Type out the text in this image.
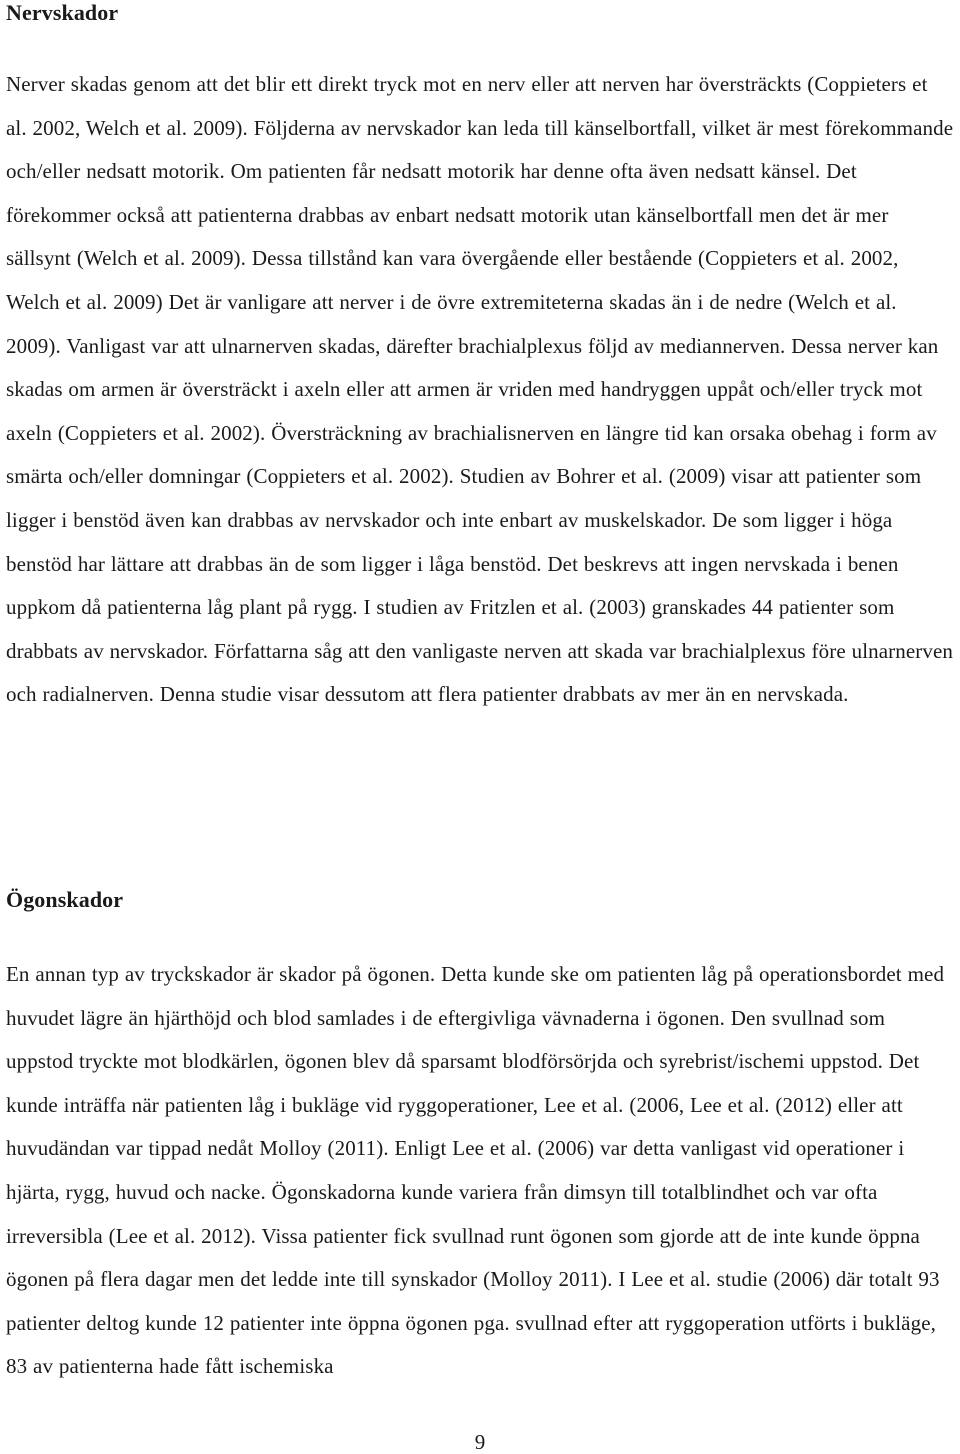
Nervskador

Nerver skadas genom att det blir ett direkt tryck mot en nerv eller att nerven har översträckts (Coppieters et al. 2002, Welch et al. 2009). Följderna av nervskador kan leda till känselbortfall, vilket är mest förekommande och/eller nedsatt motorik. Om patienten får nedsatt motorik har denne ofta även nedsatt känsel. Det förekommer också att patienterna drabbas av enbart nedsatt motorik utan känselbortfall men det är mer sällsynt (Welch et al. 2009). Dessa tillstånd kan vara övergående eller bestående (Coppieters et al. 2002, Welch et al. 2009) Det är vanligare att nerver i de övre extremiteterna skadas än i de nedre (Welch et al. 2009). Vanligast var att ulnarnerven skadas, därefter brachialplexus följd av mediannerven. Dessa nerver kan skadas om armen är översträckt i axeln eller att armen är vriden med handryggen uppåt och/eller tryck mot axeln (Coppieters et al. 2002). Översträckning av brachialisnerven en längre tid kan orsaka obehag i form av smärta och/eller domningar (Coppieters et al. 2002). Studien av Bohrer et al. (2009) visar att patienter som ligger i benstöd även kan drabbas av nervskador och inte enbart av muskelskador. De som ligger i höga benstöd har lättare att drabbas än de som ligger i låga benstöd. Det beskrevs att ingen nervskada i benen uppkom då patienterna låg plant på rygg. I studien av Fritzlen et al. (2003) granskades 44 patienter som drabbats av nervskador. Författarna såg att den vanligaste nerven att skada var brachialplexus före ulnarnerven och radialnerven. Denna studie visar dessutom att flera patienter drabbats av mer än en nervskada.

Ögonskador

En annan typ av tryckskador är skador på ögonen. Detta kunde ske om patienten låg på operationsbordet med huvudet lägre än hjärthöjd och blod samlades i de eftergivliga vävnaderna i ögonen. Den svullnad som uppstod tryckte mot blodkärlen, ögonen blev då sparsamt blodförsörjda och syrebrist/ischemi uppstod. Det kunde inträffa när patienten låg i bukläge vid ryggoperationer, Lee et al. (2006, Lee et al. (2012) eller att huvudändan var tippad nedåt Molloy (2011). Enligt Lee et al. (2006) var detta vanligast vid operationer i hjärta, rygg, huvud och nacke. Ögonskadorna kunde variera från dimsyn till totalblindhet och var ofta irreversibla (Lee et al. 2012). Vissa patienter fick svullnad runt ögonen som gjorde att de inte kunde öppna ögonen på flera dagar men det ledde inte till synskador (Molloy 2011). I Lee et al. studie (2006) där totalt 93 patienter deltog kunde 12 patienter inte öppna ögonen pga. svullnad efter att ryggoperation utförts i bukläge, 83 av patienterna hade fått ischemiska

9
